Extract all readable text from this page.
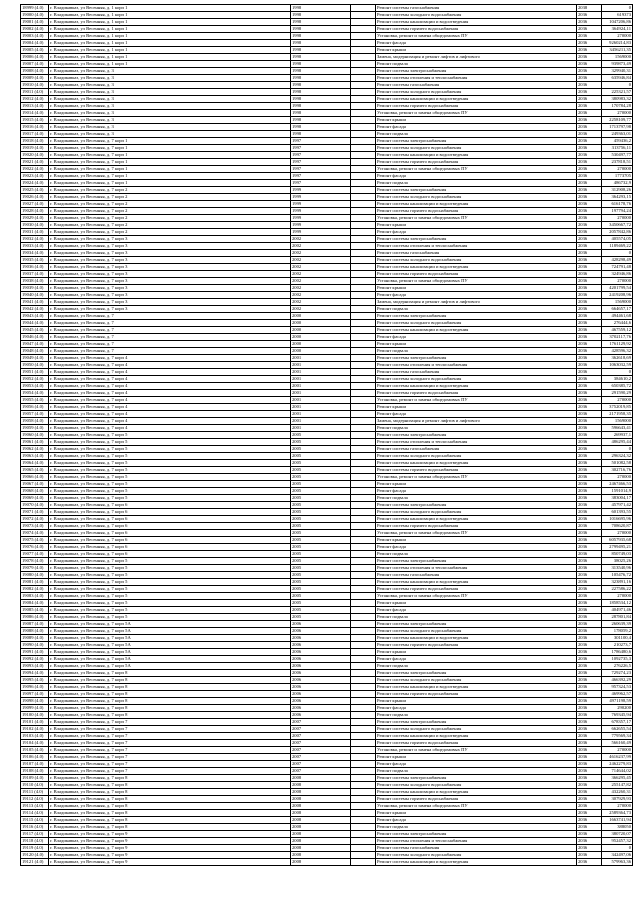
18999 (4.0)	г. Владикавказ, ул Весенняя, д. 1 корп 1	1998		Ремонт системы газоснабжения	2038	0
19000 (4.0)	г. Владикавказ, ул Весенняя, д. 1 корп 1	1998		Ремонт системы холодного водоснабжения	2036	619373
19001 (4.0)	г. Владикавказ, ул Весенняя, д. 1 корп 1	1998		Ремонт системы канализации и водоотведения	2036	1047206,86
19002 (4.0)	г. Владикавказ, ул Весенняя, д. 1 корп 1	1998		Ремонт системы горячего водоснабжения	2036	364924,11
19003 (4.0)	г. Владикавказ, ул Весенняя, д. 1 корп 1	1998		Установка, ремонт и замена общедомовых ПУ	2036	270000
19004 (4.0)	г. Владикавказ, ул Весенняя, д. 1 корп 1	1998		Ремонт фасада	2036	9260214,83
19005 (4.0)	г. Владикавказ, ул Весенняя, д. 1 корп 1	1998		Ремонт крыши	2036	3456211,35
19006 (4.0)	г. Владикавказ, ул Весенняя, д. 1 корп 1	1998		Замена, модернизация и ремонт лифтов и лифтового	2036	1569000
19007 (4.0)	г. Владикавказ, ул Весенняя, д. 1 корп 1	1998		Ремонт подвала	2036	939873,49
19008 (4.0)	г. Владикавказ, ул Весенняя, д. 3	1998		Ремонт системы электроснабжения	2036	329940,31
19009 (4.0)	г. Владикавказ, ул Весенняя, д. 3	1998		Ремонт системы отопления и теплоснабжения	2036	635946,84
19010 (4.0)	г. Владикавказ, ул Весенняя, д. 3	1998		Ремонт системы газоснабжения	2036	0
19011 (4.0)	г. Владикавказ, ул Весенняя, д. 3	1998		Ремонт системы холодного водоснабжения	2036	225321,57
19012 (4.0)	г. Владикавказ, ул Весенняя, д. 3	1998		Ремонт системы канализации и водоотведения	2036	380983,32
19013 (4.0)	г. Владикавказ, ул Весенняя, д. 3	1998		Ремонт системы горячего водоснабжения	2036	170784,28
19014 (4.0)	г. Владикавказ, ул Весенняя, д. 3	1998		Установка, ремонт и замена общедомовых ПУ	2036	270000
19015 (4.0)	г. Владикавказ, ул Весенняя, д. 3	1998		Ремонт крыши	2036	2258109,77
19016 (4.0)	г. Владикавказ, ул Весенняя, д. 3	1998		Ремонт фасада	2036	1713797,98
19017 (4.0)	г. Владикавказ, ул Весенняя, д. 3	1998		Ремонт подвала	2036	249363,01
19018 (4.0)	г. Владикавказ, ул Весенняя, д. 7 корп 1	1997		Ремонт системы электроснабжения	2036	459436,2
19019 (4.0)	г. Владикавказ, ул Весенняя, д. 7 корп 1	1997		Ремонт системы холодного водоснабжения	2036	313756,11
19020 (4.0)	г. Владикавказ, ул Весенняя, д. 7 корп 1	1997		Ремонт системы канализации и водоотведения	2036	530497,77
19021 (4.0)	г. Владикавказ, ул Весенняя, д. 7 корп 1	1997		Ремонт системы горячего водоснабжения	2036	237818,51
19022 (4.0)	г. Владикавказ, ул Весенняя, д. 7 корп 1	1997		Установка, ремонт и замена общедомовых ПУ	2036	270000
19023 (4.0)	г. Владикавказ, ул Весенняя, д. 7 корп 1	1997		Ремонт фасада	2036	1773705
19024 (4.0)	г. Владикавказ, ул Весенняя, д. 7 корп 1	1997		Ремонт подвала	2036	486732,9
19025 (4.0)	г. Владикавказ, ул Весенняя, д. 7 корп 2	1999		Ремонт системы электроснабжения	2036	312908,26
19026 (4.0)	г. Владикавказ, ул Весенняя, д. 7 корп 2	1999		Ремонт системы холодного водоснабжения	2036	364293,15
19027 (4.0)	г. Владикавказ, ул Весенняя, д. 7 корп 2	1999		Ремонт системы канализации и водоотведения	2036	616178,76
19028 (4.0)	г. Владикавказ, ул Весенняя, д. 7 корп 2	1999		Ремонт системы горячего водоснабжения	2036	197794,24
19029 (4.0)	г. Владикавказ, ул Весенняя, д. 7 корп 2	1999		Установка, ремонт и замена общедомовых ПУ	2036	270000
19030 (4.0)	г. Владикавказ, ул Весенняя, д. 7 корп 2	1999		Ремонт крыши	2036	3450667,72
19031 (4.0)	г. Владикавказ, ул Весенняя, д. 7 корп 2	1999		Ремонт фасада	2036	2057842,86
19032 (4.0)	г. Владикавказ, ул Весенняя, д. 7 корп 3	2002		Ремонт системы электроснабжения	2036	405574,05
19033 (4.0)	г. Владикавказ, ул Весенняя, д. 7 корп 3	2002		Ремонт системы отопления и теплоснабжения	2036	1189469,22
19034 (4.0)	г. Владикавказ, ул Весенняя, д. 7 корп 3	2002		Ремонт системы газоснабжения	2036	0
19035 (4.0)	г. Владикавказ, ул Весенняя, д. 7 корп 3	2002		Ремонт системы холодного водоснабжения	2036	428298,49
19036 (4.0)	г. Владикавказ, ул Весенняя, д. 7 корп 3	2002		Ремонт системы канализации и водоотведения	2036	724791,48
19037 (4.0)	г. Владикавказ, ул Весенняя, д. 7 корп 3	2002		Ремонт системы горячего водоснабжения	2036	324946,86
19038 (4.0)	г. Владикавказ, ул Весенняя, д. 7 корп 3	2002		Установка, ремонт и замена общедомовых ПУ	2036	270000
19039 (4.0)	г. Владикавказ, ул Весенняя, д. 7 корп 3	2002		Ремонт крыши	2036	4201799,54
19040 (4.0)	г. Владикавказ, ул Весенняя, д. 7 корп 3	2002		Ремонт фасада	2036	2419208,96
19041 (4.0)	г. Владикавказ, ул Весенняя, д. 7 корп 3	2002		Замена, модернизация и ремонт лифтов и лифтового	2036	1569000
19042 (4.0)	г. Владикавказ, ул Весенняя, д. 7 корп 3	2002		Ремонт подвала	2036	664657,17
19043 (4.0)	г. Владикавказ, ул Весенняя, д. 7	2000		Ремонт системы электроснабжения	2036	494461,68
19044 (4.0)	г. Владикавказ, ул Весенняя, д. 7	2000		Ремонт системы холодного водоснабжения	2036	276444,6
19045 (4.0)	г. Владикавказ, ул Весенняя, д. 7	2000		Ремонт системы канализации и водоотведения	2036	467559,12
19046 (4.0)	г. Владикавказ, ул Весенняя, д. 7	2000		Ремонт фасада	2036	3702117,76
19047 (4.0)	г. Владикавказ, ул Весенняя, д. 7	2000		Ремонт крыши	2036	1761129,92
19048 (4.0)	г. Владикавказ, ул Весенняя, д. 7	2000		Ремонт подвала	2036	428596,32
19049 (4.0)	г. Владикавказ, ул Весенняя, д. 7 корп 4	2001		Ремонт системы электроснабжения	2036	362618,69
19050 (4.0)	г. Владикавказ, ул Весенняя, д. 7 корп 4	2001		Ремонт системы отопления и теплоснабжения	2036	1063032,59
19051 (4.0)	г. Владикавказ, ул Весенняя, д. 7 корп 4	2001		Ремонт системы газоснабжения	2036	0
19052 (4.0)	г. Владикавказ, ул Весенняя, д. 7 корп 4	2001		Ремонт системы холодного водоснабжения	2036	384610,2
19053 (4.0)	г. Владикавказ, ул Весенняя, д. 7 корп 4	2001		Ремонт системы канализации и водоотведения	2036	650385,72
19054 (4.0)	г. Владикавказ, ул Весенняя, д. 7 корп 4	2001		Ремонт системы горячего водоснабжения	2036	291590,29
19055 (4.0)	г. Владикавказ, ул Весенняя, д. 7 корп 4	2001		Установка, ремонт и замена общедомовых ПУ	2036	270000
19056 (4.0)	г. Владикавказ, ул Весенняя, д. 7 корп 4	2001		Ремонт крыши	2036	3752019,85
19057 (4.0)	г. Владикавказ, ул Весенняя, д. 7 корп 4	2001		Ремонт фасада	2036	2171958,35
19058 (4.0)	г. Владикавказ, ул Весенняя, д. 7 корп 4	2001		Замена, модернизация и ремонт лифтов и лифтового	2036	1569000
19059 (4.0)	г. Владикавказ, ул Весенняя, д. 7 корп 4	2001		Ремонт подвала	2036	596643,41
19060 (4.0)	г. Владикавказ, ул Весенняя, д. 7 корп 5	2005		Ремонт системы электроснабжения	2036	269937,1
19061 (4.0)	г. Владикавказ, ул Весенняя, д. 7 корп 5	2005		Ремонт системы отопления и теплоснабжения	2036	486295,44
19062 (4.0)	г. Владикавказ, ул Весенняя, д. 7 корп 5	2005		Ремонт системы газоснабжения	2036	0
19063 (4.0)	г. Владикавказ, ул Весенняя, д. 7 корп 5	2005		Ремонт системы холодного водоснабжения	2036	296324,32
19064 (4.0)	г. Владикавказ, ул Весенняя, д. 7 корп 5	2005		Ремонт системы канализации и водоотведения	2036	501082,58
19065 (4.0)	г. Владикавказ, ул Весенняя, д. 7 корп 5	2005		Ремонт системы горячего водоснабжения	2036	302716,76
19066 (4.0)	г. Владикавказ, ул Весенняя, д. 7 корп 5	2005		Установка, ремонт и замена общедомовых ПУ	2036	270000
19067 (4.0)	г. Владикавказ, ул Весенняя, д. 7 корп 5	2005		Ремонт крыши	2036	2467466,53
19068 (4.0)	г. Владикавказ, ул Весенняя, д. 7 корп 5	2005		Ремонт фасада	2036	1591014,9
19069 (4.0)	г. Владикавказ, ул Весенняя, д. 7 корп 5	2005		Ремонт подвала	2036	383004,17
19070 (4.0)	г. Владикавказ, ул Весенняя, д. 7 корп 6	2005		Ремонт системы электроснабжения	2036	457971,42
19071 (4.0)	г. Владикавказ, ул Весенняя, д. 7 корп 6	2005		Ремонт системы холодного водоснабжения	2036	601393,55
19072 (4.0)	г. Владикавказ, ул Весенняя, д. 7 корп 6	2005		Ремонт системы канализации и водоотведения	2036	1016695,96
19073 (4.0)	г. Владикавказ, ул Весенняя, д. 7 корп 6	2005		Ремонт системы горячего водоснабжения	2036	708620,87
19074 (4.0)	г. Владикавказ, ул Весенняя, д. 7 корп 6	2005		Установка, ремонт и замена общедомовых ПУ	2036	270000
19075 (4.0)	г. Владикавказ, ул Весенняя, д. 7 корп 6	2005		Ремонт крыши	2036	6057935,68
19076 (4.0)	г. Владикавказ, ул Весенняя, д. 7 корп 6	2005		Ремонт фасада	2036	2799495,21
19077 (4.0)	г. Владикавказ, ул Весенняя, д. 7 корп 6	2005		Ремонт подвала	2036	850749,03
19078 (4.0)	г. Владикавказ, ул Весенняя, д. 7 корп 5	2005		Ремонт системы электроснабжения	2036	38025,26
19079 (4.0)	г. Владикавказ, ул Весенняя, д. 7 корп 5	2005		Ремонт системы отопления и теплоснабжения	2036	313540,96
19080 (4.0)	г. Владикавказ, ул Весенняя, д. 7 корп 5	2005		Ремонт системы газоснабжения	2036	105476,72
19081 (4.0)	г. Владикавказ, ул Весенняя, д. 7 корп 5	2005		Ремонт системы канализации и водоотведения	2036	323891,16
19082 (4.0)	г. Владикавказ, ул Весенняя, д. 7 корп 5	2005		Ремонт системы горячего водоснабжения	2036	227586,22
19083 (4.0)	г. Владикавказ, ул Весенняя, д. 7 корп 5	2005		Установка, ремонт и замена общедомовых ПУ	2036	270000
19084 (4.0)	г. Владикавказ, ул Весенняя, д. 7 корп 5	2005		Ремонт крыши	2036	1858534,12
19085 (4.0)	г. Владикавказ, ул Весенняя, д. 7 корп 5	2005		Ремонт фасада	2036	404971,46
19086 (4.0)	г. Владикавказ, ул Весенняя, д. 7 корп 5	2005		Ремонт подвала	2036	287801,84
19087 (4.0)	г. Владикавказ, ул Весенняя, д. 7 корп 5А	2006		Ремонт системы электроснабжения	2036	260639,39
19088 (4.0)	г. Владикавказ, ул Весенняя, д. 7 корп 5А	2006		Ремонт системы холодного водоснабжения	2036	178059,2
19089 (4.0)	г. Владикавказ, ул Весенняя, д. 7 корп 5А	2006		Ремонт системы канализации и водоотведения	2036	301100,4
19090 (4.0)	г. Владикавказ, ул Весенняя, д. 7 корп 5А	2006		Ремонт системы горячего водоснабжения	2036	210273,7
19091 (4.0)	г. Владикавказ, ул Весенняя, д. 7 корп 5А	2006		Ремонт крыши	2036	1786480,6
19092 (4.0)	г. Владикавказ, ул Весенняя, д. 7 корп 5А	2006		Ремонт фасада	2036	1092735,3
19093 (4.0)	г. Владикавказ, ул Весенняя, д. 7 корп 5А	2006		Ремонт подвала	2036	276226,5
19094 (4.0)	г. Владикавказ, ул Весенняя, д. 7 корп 8	2006		Ремонт системы электроснабжения	2036	729274,23
19095 (4.0)	г. Владикавказ, ул Весенняя, д. 7 корп 8	2006		Ремонт системы холодного водоснабжения	2036	466392,29
19096 (4.0)	г. Владикавказ, ул Весенняя, д. 7 корп 8	2006		Ремонт системы канализации и водоотведения	2036	957324,53
19097 (4.0)	г. Владикавказ, ул Весенняя, д. 7 корп 8	2006		Ремонт системы горячего водоснабжения	2036	469962,57
19098 (4.0)	г. Владикавказ, ул Весенняя, д. 7 корп 8	2006		Ремонт крыши	2036	4971198,59
19099 (4.0)	г. Владикавказ, ул Весенняя, д. 7 корп 8	2006		Ремонт фасада	2036	290200
19100 (4.0)	г. Владикавказ, ул Весенняя, д. 7 корп 8	2006		Ремонт подвала	2036	769345,94
19101 (4.0)	г. Владикавказ, ул Весенняя, д. 7 корп 7	2007		Ремонт системы электроснабжения	2036	678357,17
19102 (4.0)	г. Владикавказ, ул Весенняя, д. 7 корп 7	2007		Ремонт системы холодного водоснабжения	2036	662655,54
19103 (4.0)	г. Владикавказ, ул Весенняя, д. 7 корп 7	2007		Ремонт системы канализации и водоотведения	2036	779569,34
19104 (4.0)	г. Владикавказ, ул Весенняя, д. 7 корп 7	2007		Ремонт системы горячего водоснабжения	2036	566160,49
19105 (4.0)	г. Владикавказ, ул Весенняя, д. 7 корп 7	2007		Установка, ремонт и замена общедомовых ПУ	2036	270000
19106 (4.0)	г. Владикавказ, ул Весенняя, д. 7 корп 7	2007		Ремонт крыши	2036	4616237,99
19107 (4.0)	г. Владикавказ, ул Весенняя, д. 7 корп 7	2007		Ремонт фасада	2036	2462279,83
19108 (4.0)	г. Владикавказ, ул Весенняя, д. 7 корп 7	2007		Ремонт подвала	2036	714644,02
19109 (4.0)	г. Владикавказ, ул Весенняя, д. 7 корп 8	2008		Ремонт системы электроснабжения	2036	366295,45
19110 (4.0)	г. Владикавказ, ул Весенняя, д. 7 корп 8	2008		Ремонт системы холодного водоснабжения	2036	255147,82
19111 (4.0)	г. Владикавказ, ул Весенняя, д. 7 корп 8	2008		Ремонт системы канализации и водоотведения	2036	432260,31
19112 (4.0)	г. Владикавказ, ул Весенняя, д. 7 корп 8	2008		Ремонт системы горячего водоснабжения	2036	307929,93
19113 (4.0)	г. Владикавказ, ул Весенняя, д. 7 корп 8	2008		Установка, ремонт и замена общедомовых ПУ	2036	270000
19114 (4.0)	г. Владикавказ, ул Весенняя, д. 7 корп 8	2008		Ремонт крыши	2036	2589364,73
19115 (4.0)	г. Владикавказ, ул Весенняя, д. 7 корп 8	2008		Ремонт фасада	2036	1663741,94
19116 (4.0)	г. Владикавказ, ул Весенняя, д. 7 корп 8	2008		Ремонт подвала	2036	388050
19117 (4.0)	г. Владикавказ, ул Весенняя, д. 7 корп 9	2008		Ремонт системы электроснабжения	2036	380720,07
19118 (4.0)	г. Владикавказ, ул Весенняя, д. 7 корп 9	2008		Ремонт системы отопления и теплоснабжения	2036	952457,32
19119 (4.0)	г. Владикавказ, ул Весенняя, д. 7 корп 9	2008		Ремонт системы газоснабжения	2036	0
19120 (4.0)	г. Владикавказ, ул Весенняя, д. 7 корп 9	2008		Ремонт системы холодного водоснабжения	2036	342497,06
19121 (4.0)	г. Владикавказ, ул Весенняя, д. 7 корп 9	2008		Ремонт системы канализации и водоотведения	2036	579963,36
